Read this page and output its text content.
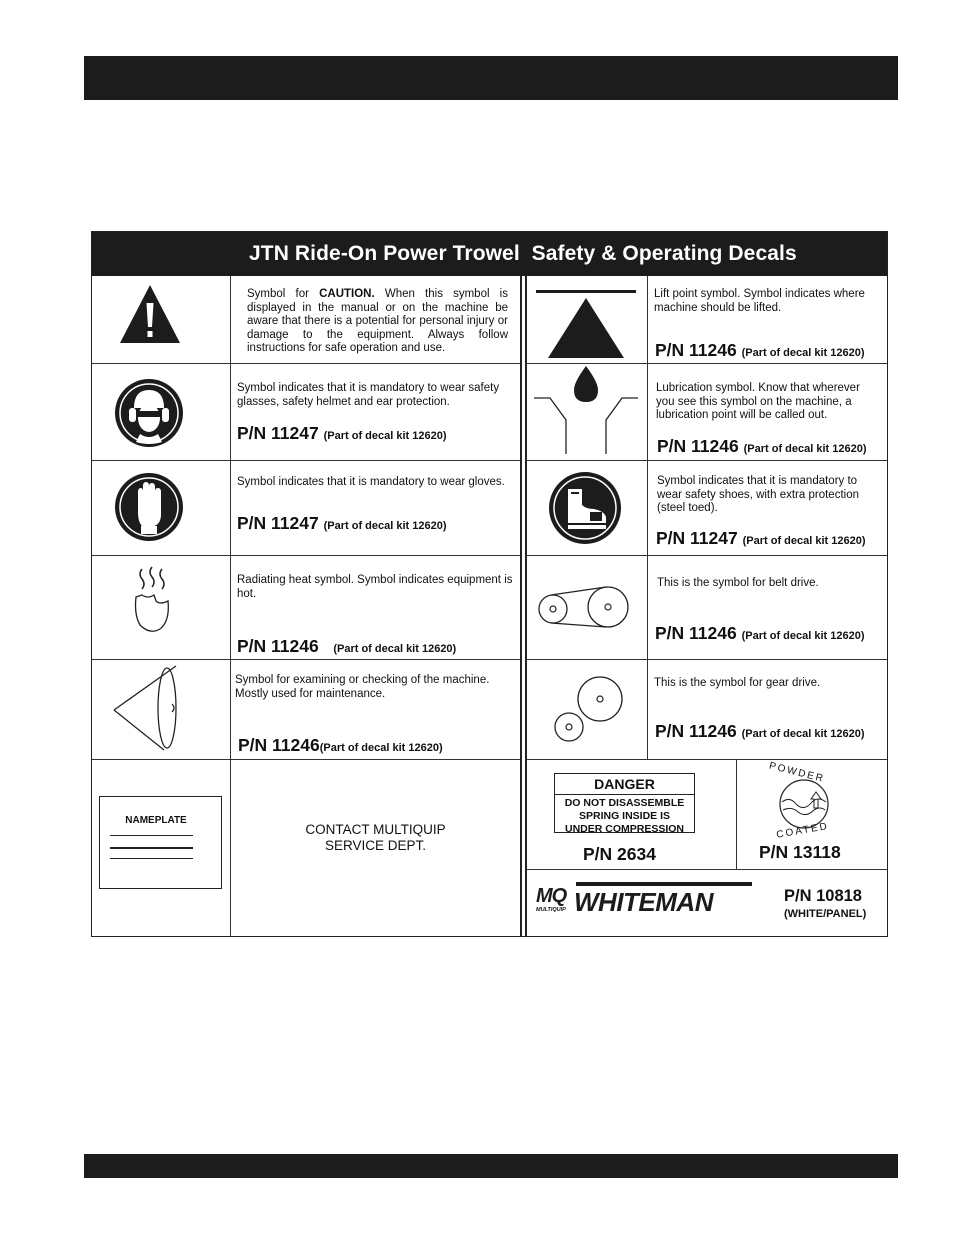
JTN Ride-On Power Trowel  Safety & Operating Decals
Symbol for CAUTION. When this symbol is displayed in the manual or on the machine be aware that there is a potential for personal injury or damage to the equipment. Always follow instructions for safe operation and use.
Symbol indicates that it is mandatory to wear safety glasses, safety helmet and ear protection.
P/N 11247 (Part of decal kit 12620)
Symbol indicates that it is mandatory to wear gloves.
P/N 11247 (Part of decal kit 12620)
Radiating heat symbol. Symbol indicates equipment is hot.
P/N 11246 (Part of decal kit 12620)
Symbol for examining or checking of the machine. Mostly used for maintenance.
P/N 11246(Part of decal kit 12620)
NAMEPLATE
CONTACT MULTIQUIP
SERVICE DEPT.
Lift point symbol. Symbol indicates where machine should be lifted.
P/N 11246 (Part of decal kit 12620)
Lubrication symbol. Know that wherever you see this symbol on the machine, a lubrication point will be called out.
P/N 11246 (Part of decal kit 12620)
Symbol indicates that it is mandatory to wear safety shoes, with extra protection (steel toed).
P/N 11247 (Part of decal kit 12620)
This is the symbol for belt drive.
P/N 11246 (Part of decal kit 12620)
This is the symbol for gear drive.
P/N 11246 (Part of decal kit 12620)
DANGER
DO NOT DISASSEMBLE
SPRING INSIDE IS
UNDER COMPRESSION
P/N 2634
POWDER
COATED
P/N 13118
MQ
MULTIQUIP WHITEMAN	P/N 10818
(WHITE/PANEL)
